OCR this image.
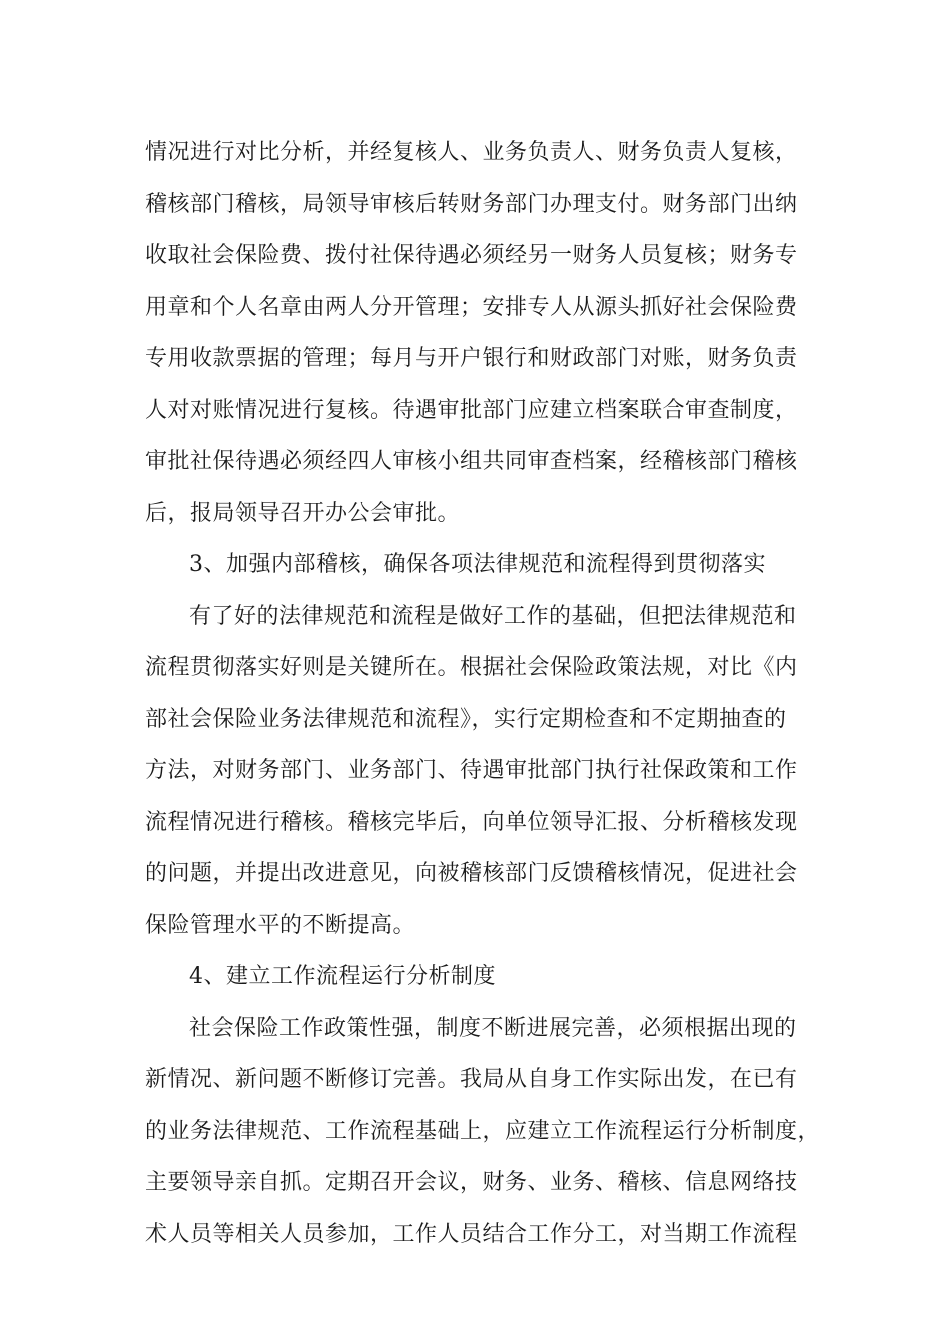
情况进行对比分析，并经复核人、业务负责人、财务负责人复核，
稽核部门稽核，局领导审核后转财务部门办理支付。财务部门出纳
收取社会保险费、拨付社保待遇必须经另一财务人员复核；财务专
用章和个人名章由两人分开管理；安排专人从源头抓好社会保险费
专用收款票据的管理；每月与开户银行和财政部门对账，财务负责
人对对账情况进行复核。待遇审批部门应建立档案联合审查制度，
审批社保待遇必须经四人审核小组共同审查档案，经稽核部门稽核
后，报局领导召开办公会审批。
3、加强内部稽核，确保各项法律规范和流程得到贯彻落实
有了好的法律规范和流程是做好工作的基础，但把法律规范和
流程贯彻落实好则是关键所在。根据社会保险政策法规，对比《内
部社会保险业务法律规范和流程》，实行定期检查和不定期抽查的
方法，对财务部门、业务部门、待遇审批部门执行社保政策和工作
流程情况进行稽核。稽核完毕后，向单位领导汇报、分析稽核发现
的问题，并提出改进意见，向被稽核部门反馈稽核情况，促进社会
保险管理水平的不断提高。
4、建立工作流程运行分析制度
社会保险工作政策性强，制度不断进展完善，必须根据出现的
新情况、新问题不断修订完善。我局从自身工作实际出发，在已有
的业务法律规范、工作流程基础上，应建立工作流程运行分析制度，
主要领导亲自抓。定期召开会议，财务、业务、稽核、信息网络技
术人员等相关人员参加，工作人员结合工作分工，对当期工作流程
